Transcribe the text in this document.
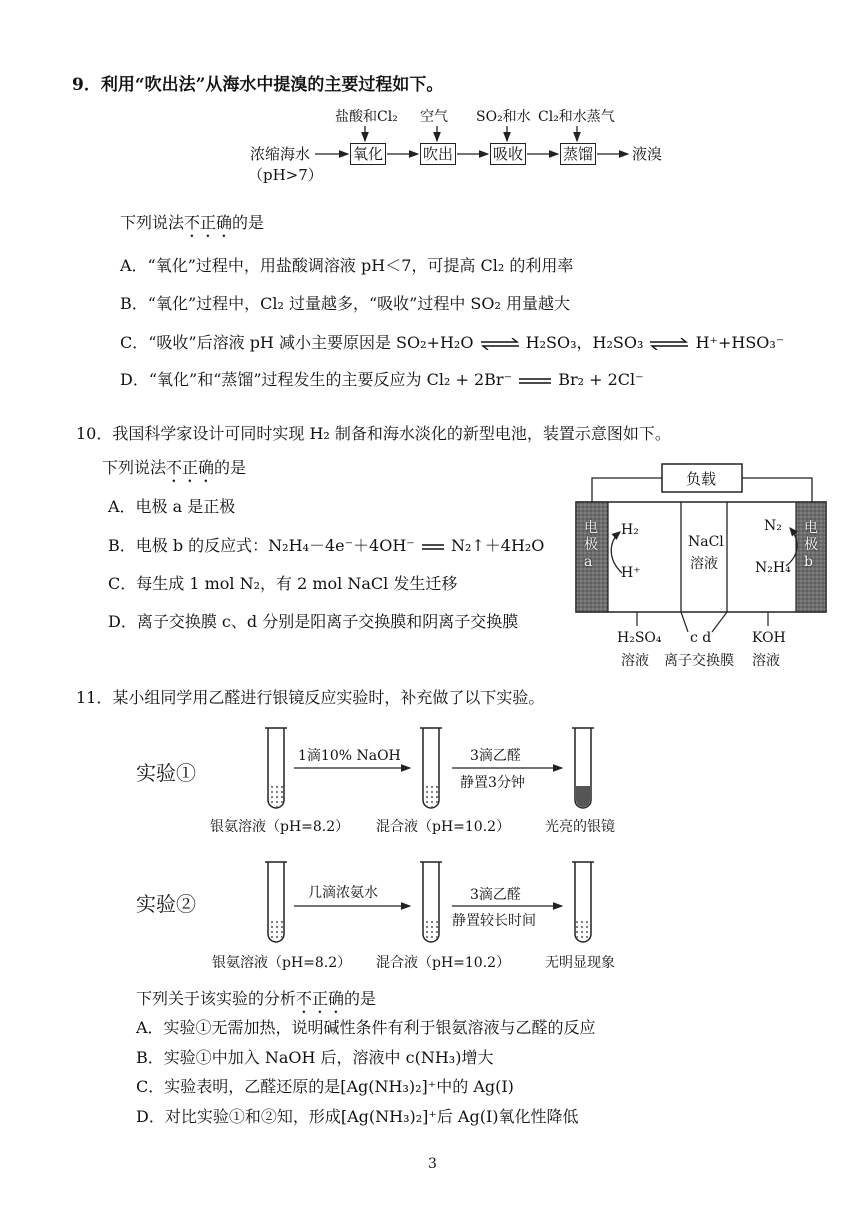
9．利用“吹出法”从海水中提溴的主要过程如下。
盐酸和Cl₂ 空气 SO₂和水 Cl₂和水蒸气
浓缩海水
（pH>7）
氧化	吹出	吸收	蒸馏	液溴
下列说法不正确的是
A．“氧化”过程中，用盐酸调溶液 pH＜7，可提高 Cl₂ 的利用率
B．“氧化”过程中，Cl₂ 过量越多，“吸收”过程中 SO₂ 用量越大
C．“吸收”后溶液 pH 减小主要原因是 SO₂+H₂O ⇌ H₂SO₃，H₂SO₃ ⇌ H⁺+HSO₃⁻
D．“氧化”和“蒸馏”过程发生的主要反应为 Cl₂ + 2Br⁻	Br₂ + 2Cl⁻
10．我国科学家设计可同时实现 H₂ 制备和海水淡化的新型电池，装置示意图如下。
下列说法不正确的是
A．电极 a 是正极
B．电极 b 的反应式：N₂H₄－4e⁻＋4OH⁻ N₂↑＋4H₂O
C．每生成 1 mol N₂，有 2 mol NaCl 发生迁移
D．离子交换膜 c、d 分别是阳离子交换膜和阴离子交换膜
负载
电极a
电极b
H₂
H⁺
NaCl
溶液
N₂
N₂H₄
H₂SO₄
溶液
c d
离子交换膜
KOH
溶液
11．某小组同学用乙醛进行银镜反应实验时，补充做了以下实验。
实验①
1滴10% NaOH	3滴乙醛
静置3分钟
银氨溶液（pH=8.2） 混合液（pH=10.2） 光亮的银镜
实验②	几滴浓氨水	3滴乙醛
静置较长时间
银氨溶液（pH=8.2） 混合液（pH=10.2） 无明显现象
下列关于该实验的分析不正确的是
A．实验①无需加热，说明碱性条件有利于银氨溶液与乙醛的反应
B．实验①中加入 NaOH 后，溶液中 c(NH₃)增大
C．实验表明，乙醛还原的是[Ag(NH₃)₂]⁺中的 Ag(I)
D．对比实验①和②知，形成[Ag(NH₃)₂]⁺后 Ag(I)氧化性降低
3
